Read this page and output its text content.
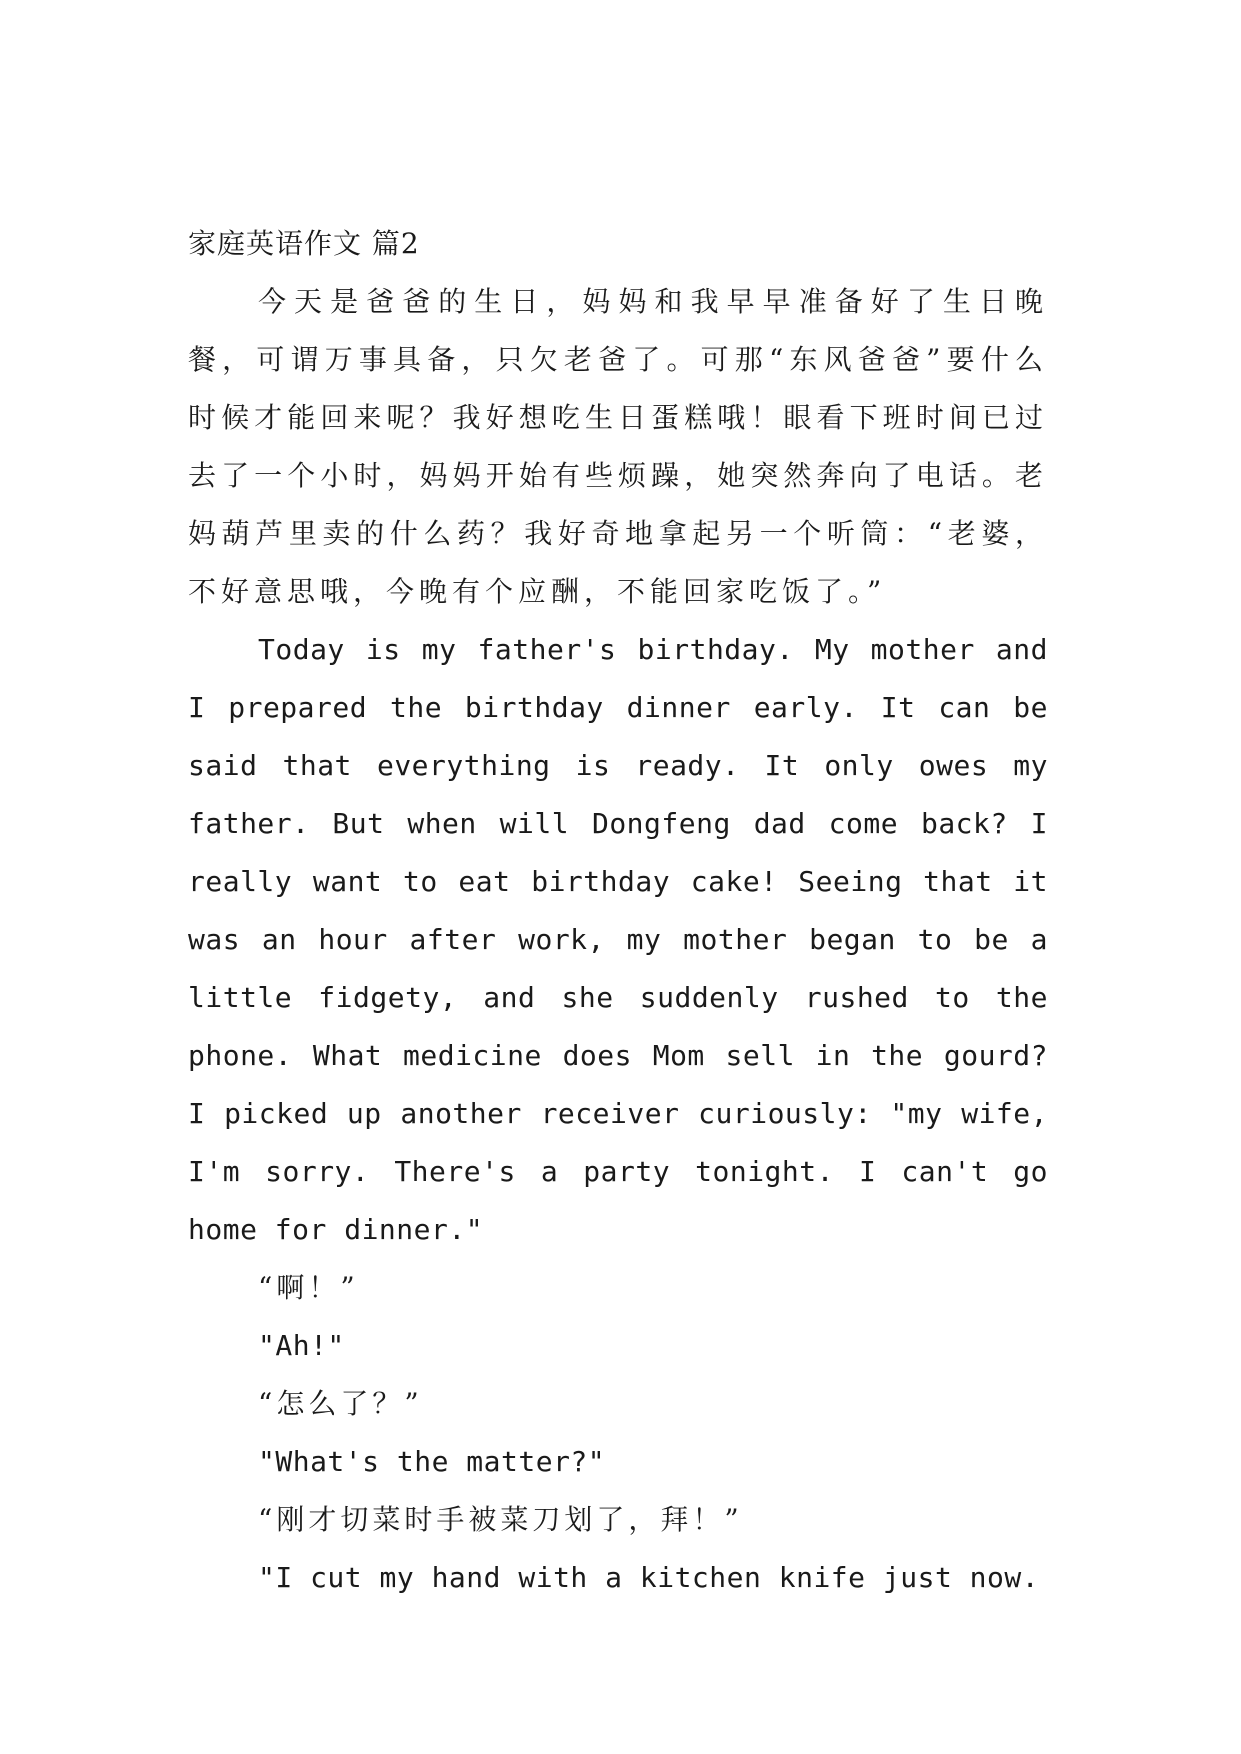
家庭英语作文 篇2

今天是爸爸的生日，妈妈和我早早准备好了生日晚餐，可谓万事具备，只欠老爸了。可那“东风爸爸”要什么时候才能回来呢？我好想吃生日蛋糕哦！眼看下班时间已过去了一个小时，妈妈开始有些烦躁，她突然奔向了电话。老妈葫芦里卖的什么药？我好奇地拿起另一个听筒：“老婆，不好意思哦，今晚有个应酬，不能回家吃饭了。”

Today is my father's birthday. My mother and I prepared the birthday dinner early. It can be said that everything is ready. It only owes my father. But when will Dongfeng dad come back? I really want to eat birthday cake! Seeing that it was an hour after work, my mother began to be a little fidgety, and she suddenly rushed to the phone. What medicine does Mom sell in the gourd? I picked up another receiver curiously: "my wife, I'm sorry. There's a party tonight. I can't go home for dinner."

“啊！”

"Ah!"

“怎么了？”

"What's the matter?"

“刚才切菜时手被菜刀划了，拜！”

"I cut my hand with a kitchen knife just now.
